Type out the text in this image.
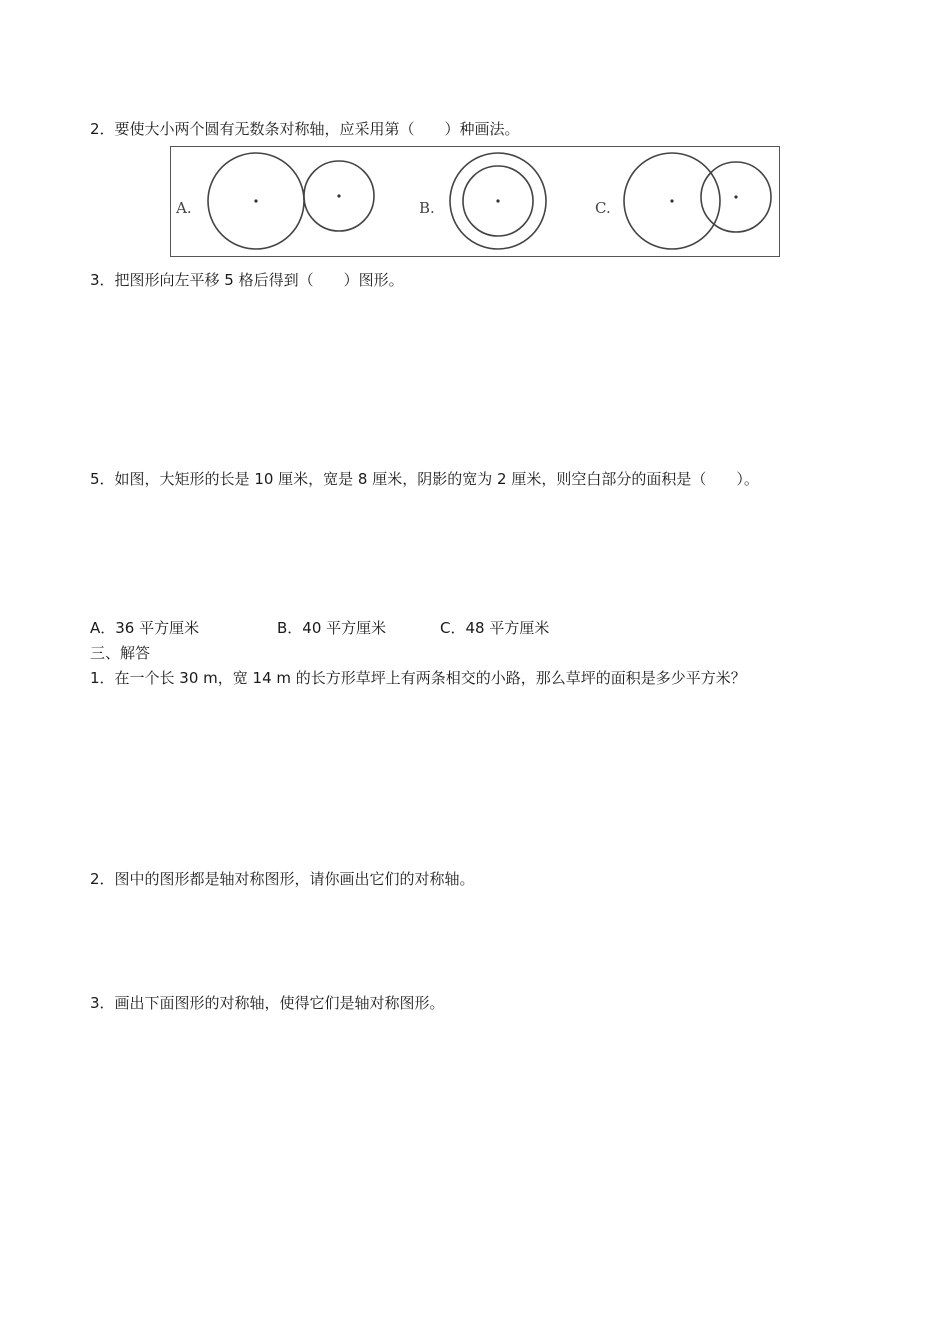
2．要使大小两个圆有无数条对称轴，应采用第（　　）种画法。
A.	B.	C.
3．把图形向左平移 5 格后得到（　　）图形。
5．如图，大矩形的长是 10 厘米，宽是 8 厘米，阴影的宽为 2 厘米，则空白部分的面积是（　　）。
A．36 平方厘米	B．40 平方厘米	C．48 平方厘米
三、解答
1．在一个长 30 m，宽 14 m 的长方形草坪上有两条相交的小路，那么草坪的面积是多少平方米？
2．图中的图形都是轴对称图形，请你画出它们的对称轴。
3．画出下面图形的对称轴，使得它们是轴对称图形。
